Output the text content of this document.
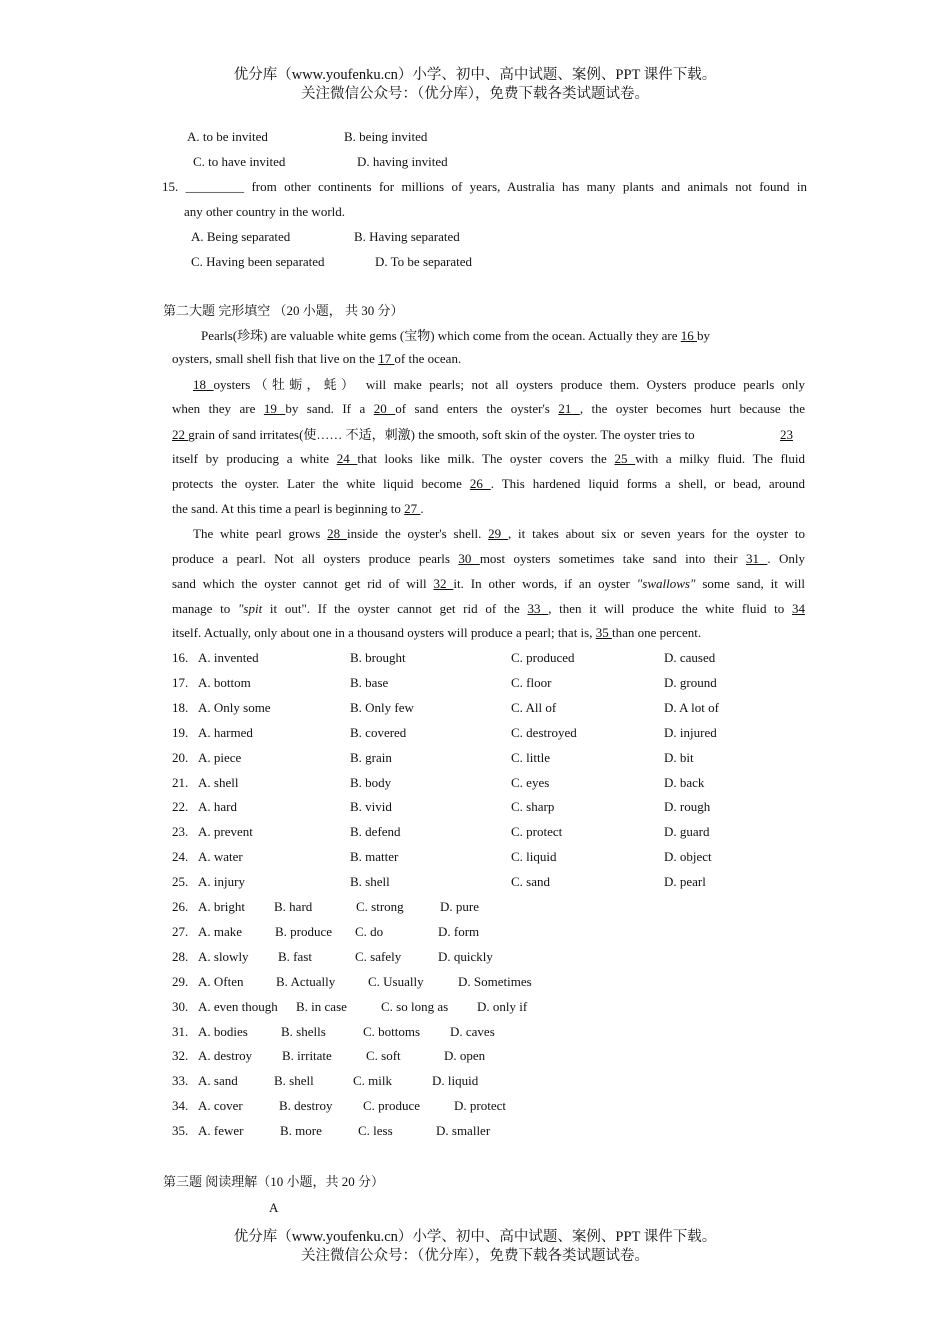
优分库（www.youfenku.cn）小学、初中、高中试题、案例、PPT 课件下载。
关注微信公众号：（优分库），免费下载各类试题试卷。
A. to be invited	B. being invited
C. to have invited	D. having invited
15. _________ from other continents for millions of years, Australia has many plants and animals not found in
any other country in the world.
A. Being separated	B. Having separated
C. Having been separated	D. To be separated
第二大题 完形填空 （20 小题， 共 30 分）
Pearls(珍珠) are valuable white gems (宝物) which come from the ocean. Actually they are 16 by
oysters, small shell fish that live on the 17 of the ocean.
18 oysters（牡蛎，蚝） will make pearls; not all oysters produce them. Oysters produce pearls only
when they are 19 by sand. If a 20 of sand enters the oyster's 21 , the oyster becomes hurt because the
22 grain of sand irritates(使…… 不适，刺激) the smooth, soft skin of the oyster. The oyster tries to	23
itself by producing a white 24 that looks like milk. The oyster covers the 25 with a milky fluid. The fluid
protects the oyster. Later the white liquid become 26 . This hardened liquid forms a shell, or bead, around
the sand. At this time a pearl is beginning to 27 .
The white pearl grows 28 inside the oyster's shell. 29 , it takes about six or seven years for the oyster to
produce a pearl. Not all oysters produce pearls 30 most oysters sometimes take sand into their 31 . Only
sand which the oyster cannot get rid of will 32 it. In other words, if an oyster "swallows" some sand, it will
manage to "spit it out". If the oyster cannot get rid of the 33 , then it will produce the white fluid to 34
itself. Actually, only about one in a thousand oysters will produce a pearl; that is, 35 than one percent.
16. A. invented	B. brought	C. produced	D. caused
17. A. bottom	B. base	C. floor	D. ground
18. A. Only some	B. Only few	C. All of	D. A lot of
19. A. harmed	B. covered	C. destroyed	D. injured
20. A. piece	B. grain	C. little	D. bit
21. A. shell	B. body	C. eyes	D. back
22. A. hard	B. vivid	C. sharp	D. rough
23. A. prevent	B. defend	C. protect	D. guard
24. A. water	B. matter	C. liquid	D. object
25. A. injury	B. shell	C. sand	D. pearl
26. A. bright B. hard	C. strong	D. pure
27. A. make	B. produce C. do	D. form
28. A. slowly B. fast	C. safely	D. quickly
29. A. Often	B. Actually	C. Usually	D. Sometimes
30. A. even though B. in case	C. so long as D. only if
31. A. bodies	B. shells	C. bottoms D. caves
32. A. destroy B. irritate	C. soft	D. open
33. A. sand	B. shell	C. milk	D. liquid
34. A. cover	B. destroy C. produce	D. protect
35. A. fewer	B. more	C. less	D. smaller
第三题 阅读理解（10 小题，共 20 分）
A
优分库（www.youfenku.cn）小学、初中、高中试题、案例、PPT 课件下载。
关注微信公众号：（优分库），免费下载各类试题试卷。
